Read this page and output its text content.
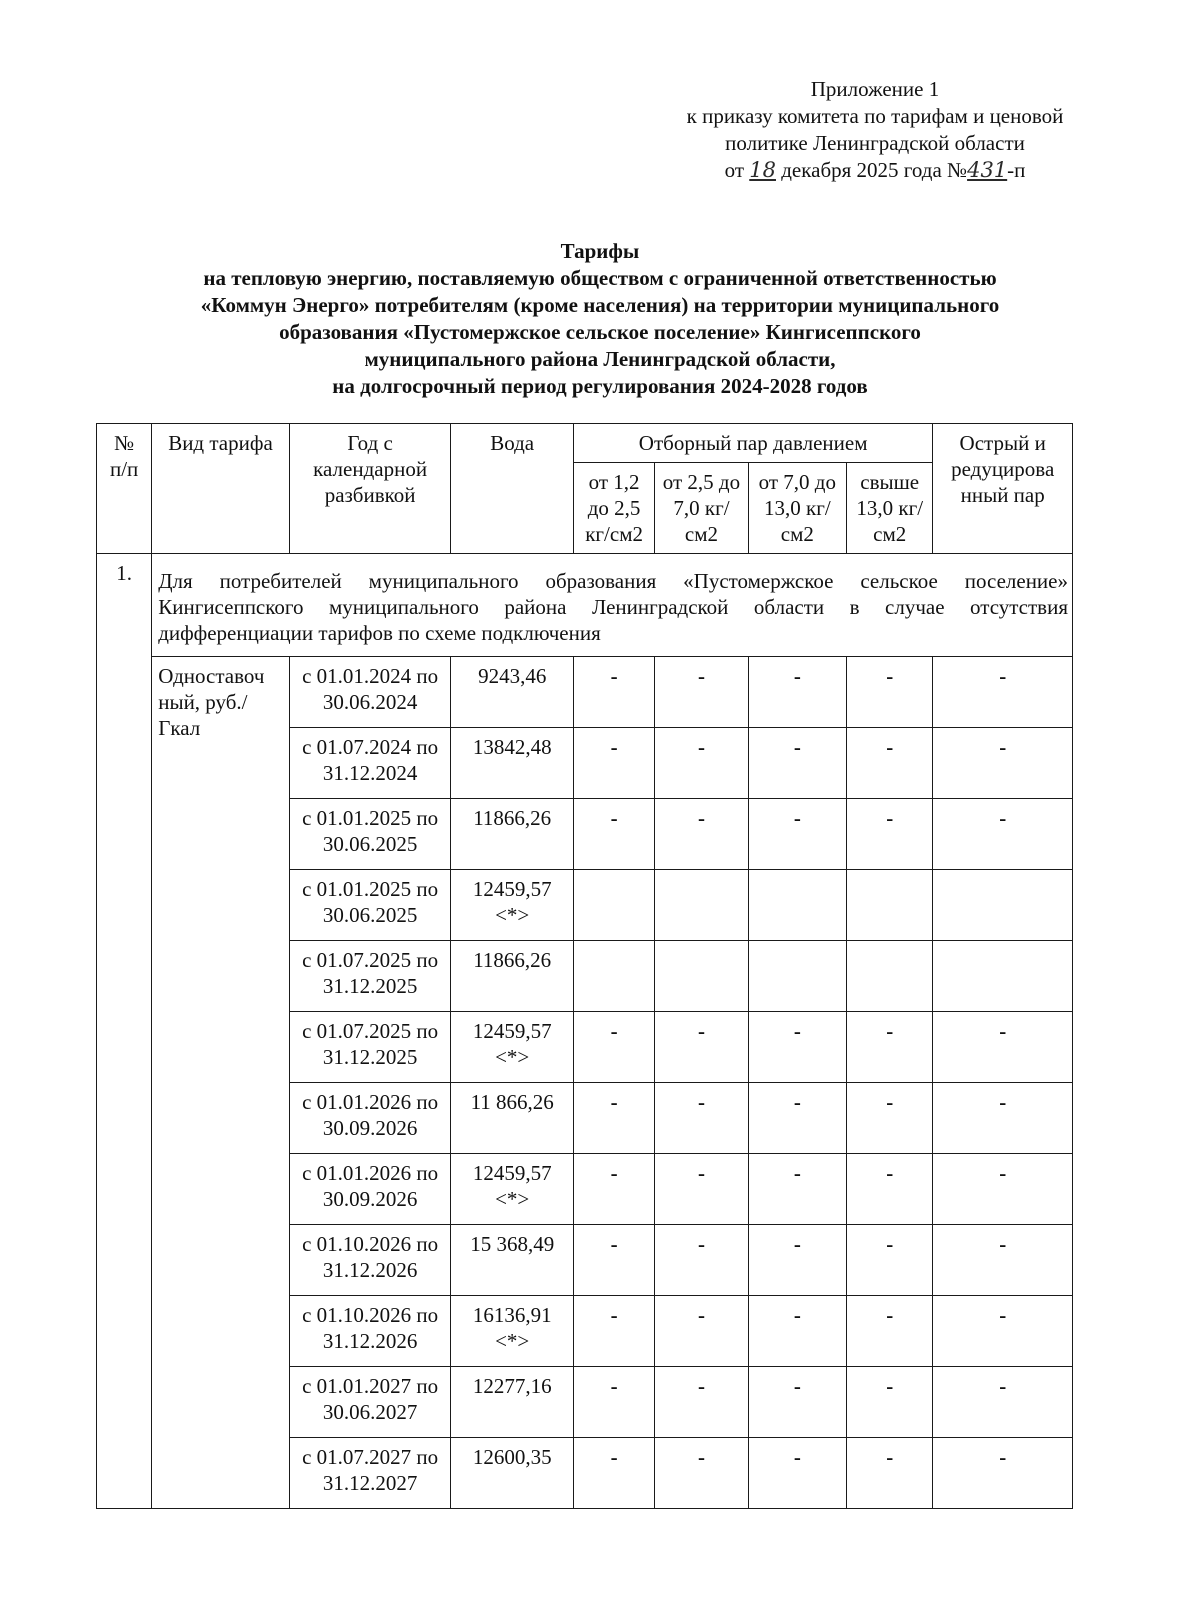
Приложение 1
к приказу комитета по тарифам и ценовой
политике Ленинградской области
от 18 декабря 2025 года №431-п
Тарифы
на тепловую энергию, поставляемую обществом с ограниченной ответственностью
«Коммун Энерго» потребителям (кроме населения) на территории муниципального
образования «Пустомержское сельское поселение» Кингисеппского
муниципального района Ленинградской области,
на долгосрочный период регулирования 2024-2028 годов
№ п/п	Вид тарифа	Год с календарной разбивкой	Вода	Отборный пар давлением				Острый и редуцирова нный пар
				от 1,2 до 2,5 кг/см2	от 2,5 до 7,0 кг/см2	от 7,0 до 13,0 кг/см2	свыше 13,0 кг/см2	
1.	Для потребителей муниципального образования «Пустомержское сельское поселение» Кингисеппского муниципального района Ленинградской области в случае отсутствия дифференциации тарифов по схеме подключения							
	Одноставоч ный, руб./Гкал	с 01.01.2024 по 30.06.2024	9243,46	-	-	-	-	-
		с 01.07.2024 по 31.12.2024	13842,48	-	-	-	-	-
		с 01.01.2025 по 30.06.2025	11866,26	-	-	-	-	-
		с 01.01.2025 по 30.06.2025	12459,57 <*>					
		с 01.07.2025 по 31.12.2025	11866,26					
		с 01.07.2025 по 31.12.2025	12459,57 <*>	-	-	-	-	-
		с 01.01.2026 по 30.09.2026	11 866,26	-	-	-	-	-
		с 01.01.2026 по 30.09.2026	12459,57 <*>	-	-	-	-	-
		с 01.10.2026 по 31.12.2026	15 368,49	-	-	-	-	-
		с 01.10.2026 по 31.12.2026	16136,91 <*>	-	-	-	-	-
		с 01.01.2027 по 30.06.2027	12277,16	-	-	-	-	-
		с 01.07.2027 по 31.12.2027	12600,35	-	-	-	-	-
